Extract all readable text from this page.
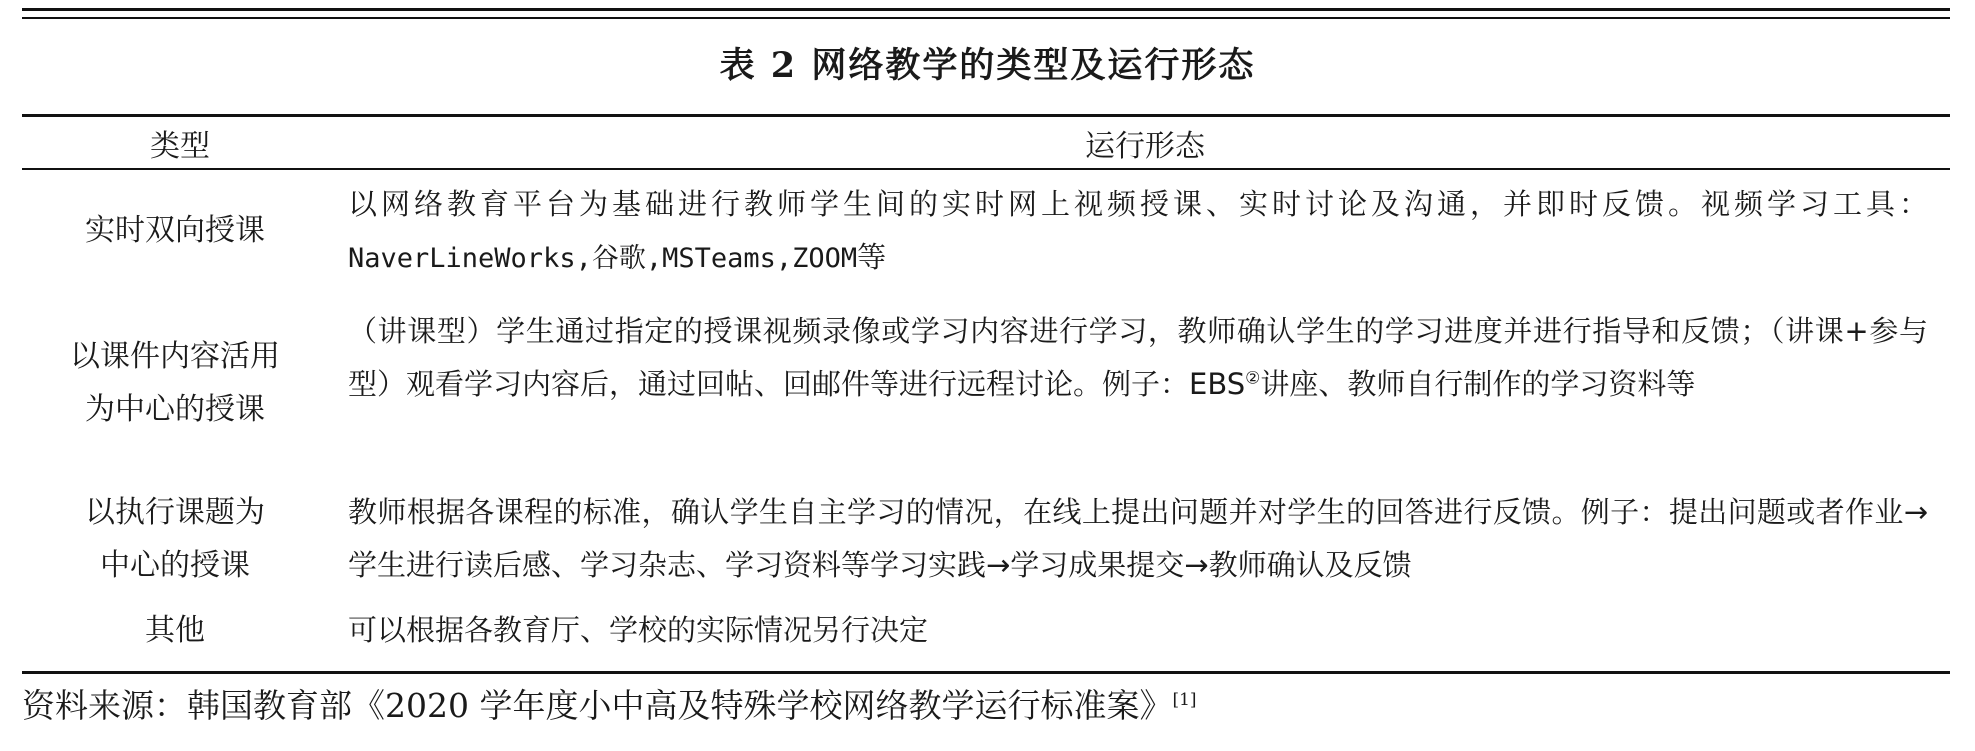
表 2 网络教学的类型及运行形态
类型	运行形态
实时双向授课
以网络教育平台为基础进行教师学生间的实时网上视频授课、实时讨论及沟通，并即时反馈。视频学习工具：NaverLineWorks,谷歌,MSTeams,ZOOM等
以课件内容活用
为中心的授课
（讲课型）学生通过指定的授课视频录像或学习内容进行学习，教师确认学生的学习进度并进行指导和反馈；（讲课+参与型）观看学习内容后，通过回帖、回邮件等进行远程讨论。例子：EBS②讲座、教师自行制作的学习资料等
以执行课题为
中心的授课
教师根据各课程的标准，确认学生自主学习的情况，在线上提出问题并对学生的回答进行反馈。例子：提出问题或者作业→学生进行读后感、学习杂志、学习资料等学习实践→学习成果提交→教师确认及反馈
其他	可以根据各教育厅、学校的实际情况另行决定
资料来源：韩国教育部《2020 学年度小中高及特殊学校网络教学运行标准案》[1]
